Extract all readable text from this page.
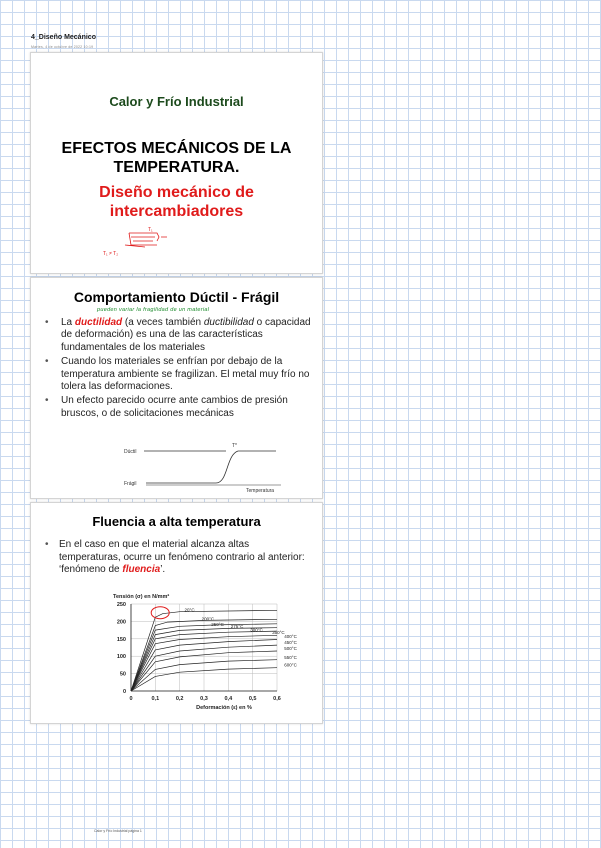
4_Diseño Mecánico
Martes, 4 de octubre de 2022 10:19
Calor y Frío Industrial
EFECTOS MECÁNICOS DE LA
TEMPERATURA.
Diseño mecánico de
intercambiadores
T₁
T₁ ≠ T₂
Comportamiento Dúctil - Frágil
pueden variar la fragilidad de un material
• La ductilidad (a veces también ductibilidad o capacidad de deformación) es una de las características fundamentales de los materiales
• Cuando los materiales se enfrían por debajo de la temperatura ambiente se fragilizan. El metal muy frío no tolera las deformaciones.
• Un efecto parecido ocurre ante cambios de presión bruscos, o de solicitaciones mecánicas
Dúctil
Frágil
T*
Temperatura
Fluencia a alta temperatura
• En el caso en que el material alcanza altas temperaturas, ocurre un fenómeno contrario al anterior: ‘fenómeno de fluencia’.
0	0,1	0,2	0,3	0,4	0,5	0,6
0
50
100
150
200
250
20°C
200°C
250°C 275°C
300°C 350°C
400°C
450°C
500°C
550°C
600°C
Tensión (σ) en N/mm²
Deformación (ε) en %
Calor y Frío Industrial página 1
